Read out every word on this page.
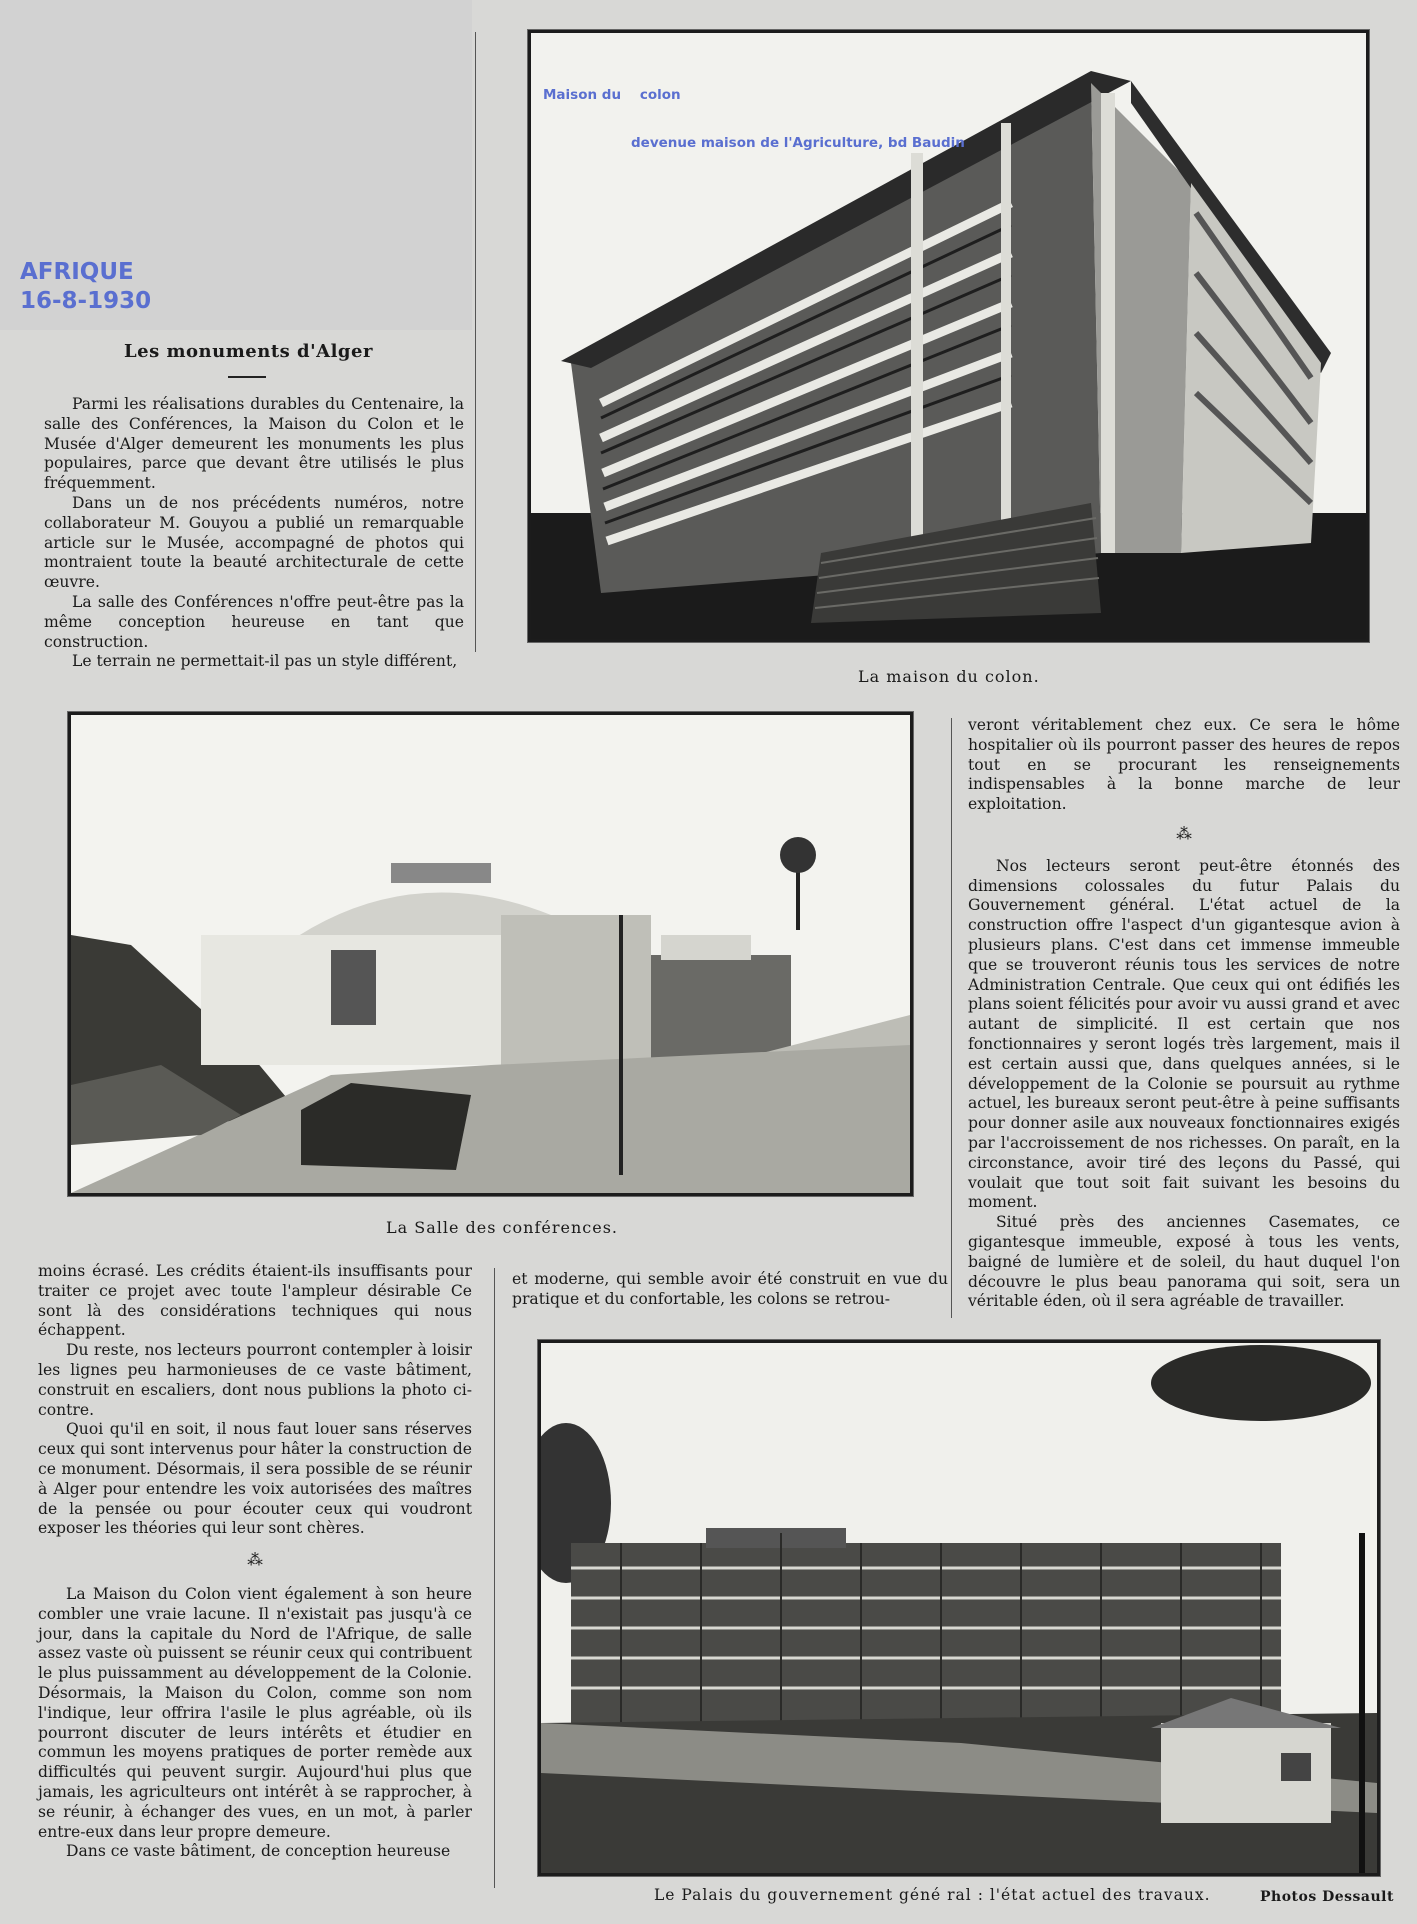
AFRIQUE
16-8-1930
Les monuments d'Alger

Parmi les réalisations durables du Centenaire, la salle des Conférences, la Maison du Colon et le Musée d'Alger demeurent les monuments les plus populaires, parce que devant être utilisés le plus fréquemment.

Dans un de nos précédents numéros, notre collaborateur M. Gouyou a publié un remarquable article sur le Musée, accompagné de photos qui montraient toute la beauté architecturale de cette œuvre.

La salle des Conférences n'offre peut-être pas la même conception heureuse en tant que construction.

Le terrain ne permettait-il pas un style différent,

Maison du    colon

devenue maison de l'Agriculture, bd Baudin

La maison du colon.
La Salle des conférences.

veront véritablement chez eux. Ce sera le hôme hospitalier où ils pourront passer des heures de repos tout en se procurant les renseignements indispensables à la bonne marche de leur exploitation.

⁂

Nos lecteurs seront peut-être étonnés des dimensions colossales du futur Palais du Gouvernement général. L'état actuel de la construction offre l'aspect d'un gigantesque avion à plusieurs plans. C'est dans cet immense immeuble que se trouveront réunis tous les services de notre Administration Centrale. Que ceux qui ont édifiés les plans soient félicités pour avoir vu aussi grand et avec autant de simplicité. Il est certain que nos fonctionnaires y seront logés très largement, mais il est certain aussi que, dans quelques années, si le développement de la Colonie se poursuit au rythme actuel, les bureaux seront peut-être à peine suffisants pour donner asile aux nouveaux fonctionnaires exigés par l'accroissement de nos richesses. On paraît, en la circonstance, avoir tiré des leçons du Passé, qui voulait que tout soit fait suivant les besoins du moment.

Situé près des anciennes Casemates, ce gigantesque immeuble, exposé à tous les vents, baigné de lumière et de soleil, du haut duquel l'on découvre le plus beau panorama qui soit, sera un véritable éden, où il sera agréable de travailler.

moins écrasé. Les crédits étaient-ils insuffisants pour traiter ce projet avec toute l'ampleur désirable Ce sont là des considérations techniques qui nous échappent.

Du reste, nos lecteurs pourront contempler à loisir les lignes peu harmonieuses de ce vaste bâtiment, construit en escaliers, dont nous publions la photo ci-contre.

Quoi qu'il en soit, il nous faut louer sans réserves ceux qui sont intervenus pour hâter la construction de ce monument. Désormais, il sera possible de se réunir à Alger pour entendre les voix autorisées des maîtres de la pensée ou pour écouter ceux qui voudront exposer les théories qui leur sont chères.

⁂

La Maison du Colon vient également à son heure combler une vraie lacune. Il n'existait pas jusqu'à ce jour, dans la capitale du Nord de l'Afrique, de salle assez vaste où puissent se réunir ceux qui contribuent le plus puissamment au développement de la Colonie. Désormais, la Maison du Colon, comme son nom l'indique, leur offrira l'asile le plus agréable, où ils pourront discuter de leurs intérêts et étudier en commun les moyens pratiques de porter remède aux difficultés qui peuvent surgir. Aujourd'hui plus que jamais, les agriculteurs ont intérêt à se rapprocher, à se réunir, à échanger des vues, en un mot, à parler entre-eux dans leur propre demeure.

Dans ce vaste bâtiment, de conception heureuse

et moderne, qui semble avoir été construit en vue du pratique et du confortable, les colons se retrou-

Le Palais du gouvernement géné ral : l'état actuel des travaux.	Photos Dessault
